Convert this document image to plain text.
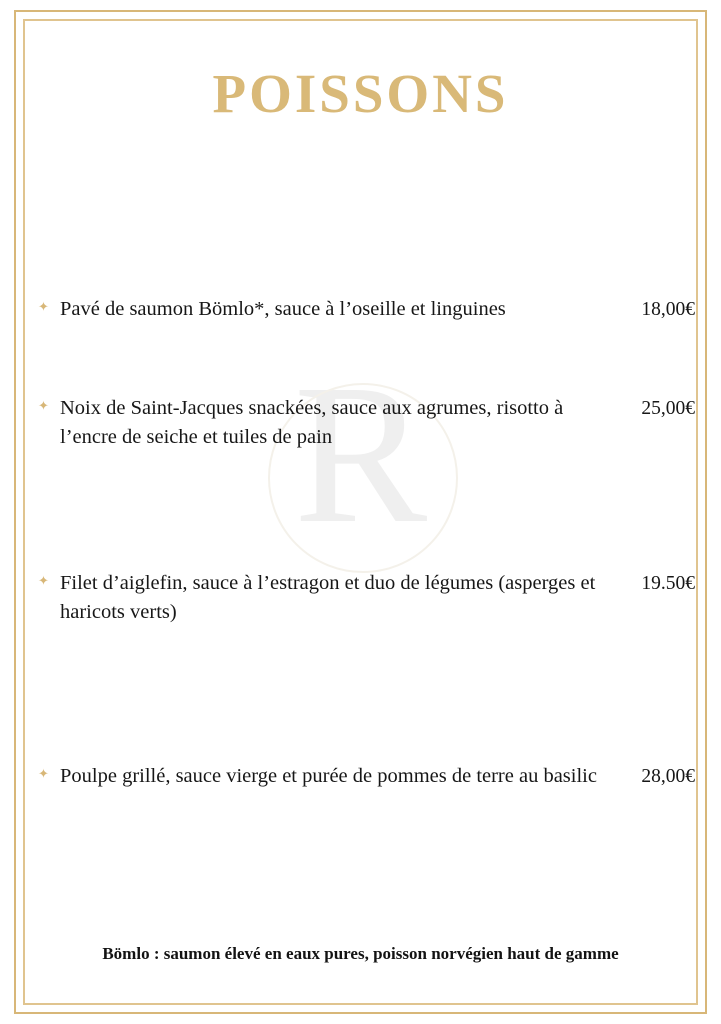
R
POISSONS
✦ Pavé de saumon Bömlo*, sauce à l’oseille et linguines	18,00€
✦ Noix de Saint-Jacques snackées, sauce aux agrumes, risotto à l’encre de seiche et tuiles de pain
25,00€
✦ Filet d’aiglefin, sauce à l’estragon et duo de légumes (asperges et haricots verts)
19.50€
✦ Poulpe grillé, sauce vierge et purée de pommes de terre au basilic	28,00€
Bömlo : saumon élevé en eaux pures, poisson norvégien haut de gamme
